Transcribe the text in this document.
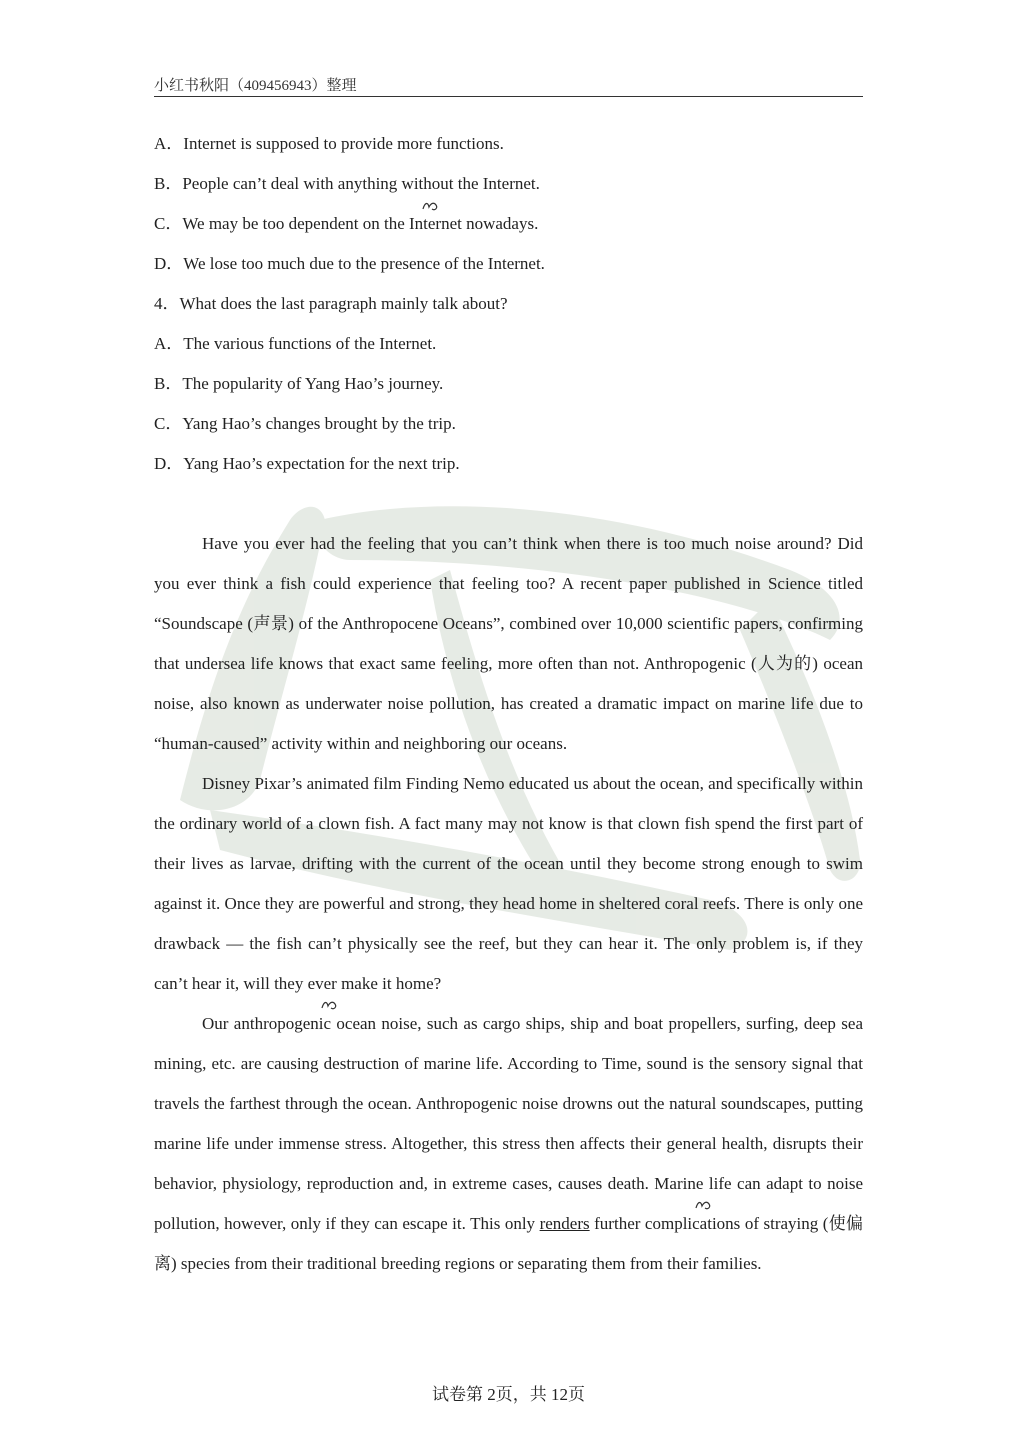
小红书秋阳（409456943）整理
A．Internet is supposed to provide more functions.
B．People can’t deal with anything without the Internet.
C．We may be too dependent on the Internet nowadays.
D．We lose too much due to the presence of the Internet.
4．What does the last paragraph mainly talk about?
A．The various functions of the Internet.
B．The popularity of Yang Hao’s journey.
C．Yang Hao’s changes brought by the trip.
D．Yang Hao’s expectation for the next trip.

Have you ever had the feeling that you can’t think when there is too much noise around? Did you ever think a fish could experience that feeling too? A recent paper published in Science titled “Soundscape (声景) of the Anthropocene Oceans”, combined over 10,000 scientific papers, confirming that undersea life knows that exact same feeling, more often than not. Anthropogenic (人为的) ocean noise, also known as underwater noise pollution, has created a dramatic impact on marine life due to “human-caused” activity within and neighboring our oceans.

Disney Pixar’s animated film Finding Nemo educated us about the ocean, and specifically within the ordinary world of a clown fish. A fact many may not know is that clown fish spend the first part of their lives as larvae, drifting with the current of the ocean until they become strong enough to swim against it. Once they are powerful and strong, they head home in sheltered coral reefs. There is only one drawback — the fish can’t physically see the reef, but they can hear it. The only problem is, if they can’t hear it, will they ever make it home?

Our anthropogenic ocean noise, such as cargo ships, ship and boat propellers, surfing, deep sea mining, etc. are causing destruction of marine life. According to Time, sound is the sensory signal that travels the farthest through the ocean. Anthropogenic noise drowns out the natural soundscapes, putting marine life under immense stress. Altogether, this stress then affects their general health, disrupts their behavior, physiology, reproduction and, in extreme cases, causes death. Marine life can adapt to noise pollution, however, only if they can escape it. This only renders further complications of straying (使偏离) species from their traditional breeding regions or separating them from their families.

试卷第 2页，共 12页
